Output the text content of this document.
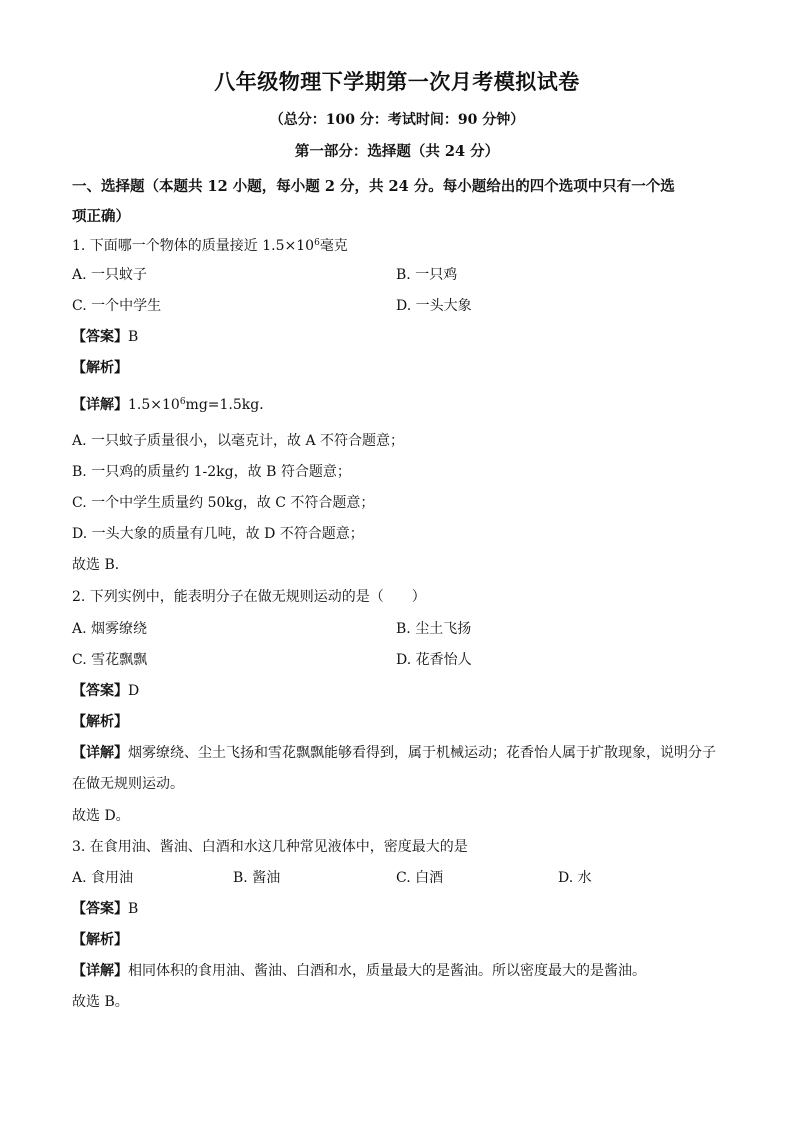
八年级物理下学期第一次月考模拟试卷
（总分：100 分：考试时间：90 分钟）
第一部分：选择题（共 24 分）
一、选择题（本题共 12 小题，每小题 2 分，共 24 分。每小题给出的四个选项中只有一个选
项正确）
1. 下面哪一个物体的质量接近 $1.5\times 10^6$毫克
A. 一只蚊子	B. 一只鸡
C. 一个中学生	D. 一头大象
【答案】B
【解析】
【详解】$1.5\times 10^6mg=1.5kg$．
A. 一只蚊子质量很小，以毫克计，故 A 不符合题意；
B. 一只鸡的质量约 1-2kg，故 B 符合题意；
C. 一个中学生质量约 50kg，故 C 不符合题意；
D. 一头大象的质量有几吨，故 D 不符合题意；
故选 B．
2. 下列实例中，能表明分子在做无规则运动的是（　　）
A. 烟雾缭绕	B. 尘土飞扬
C. 雪花飘飘	D. 花香怡人
【答案】D
【解析】
【详解】烟雾缭绕、尘土飞扬和雪花飘飘能够看得到，属于机械运动；花香怡人属于扩散现象，说明分子
在做无规则运动。
故选 D。
3. 在食用油、酱油、白酒和水这几种常见液体中，密度最大的是
A. 食用油	B. 酱油	C. 白酒	D. 水
【答案】B
【解析】
【详解】相同体积的食用油、酱油、白酒和水，质量最大的是酱油。所以密度最大的是酱油。
故选 B。
